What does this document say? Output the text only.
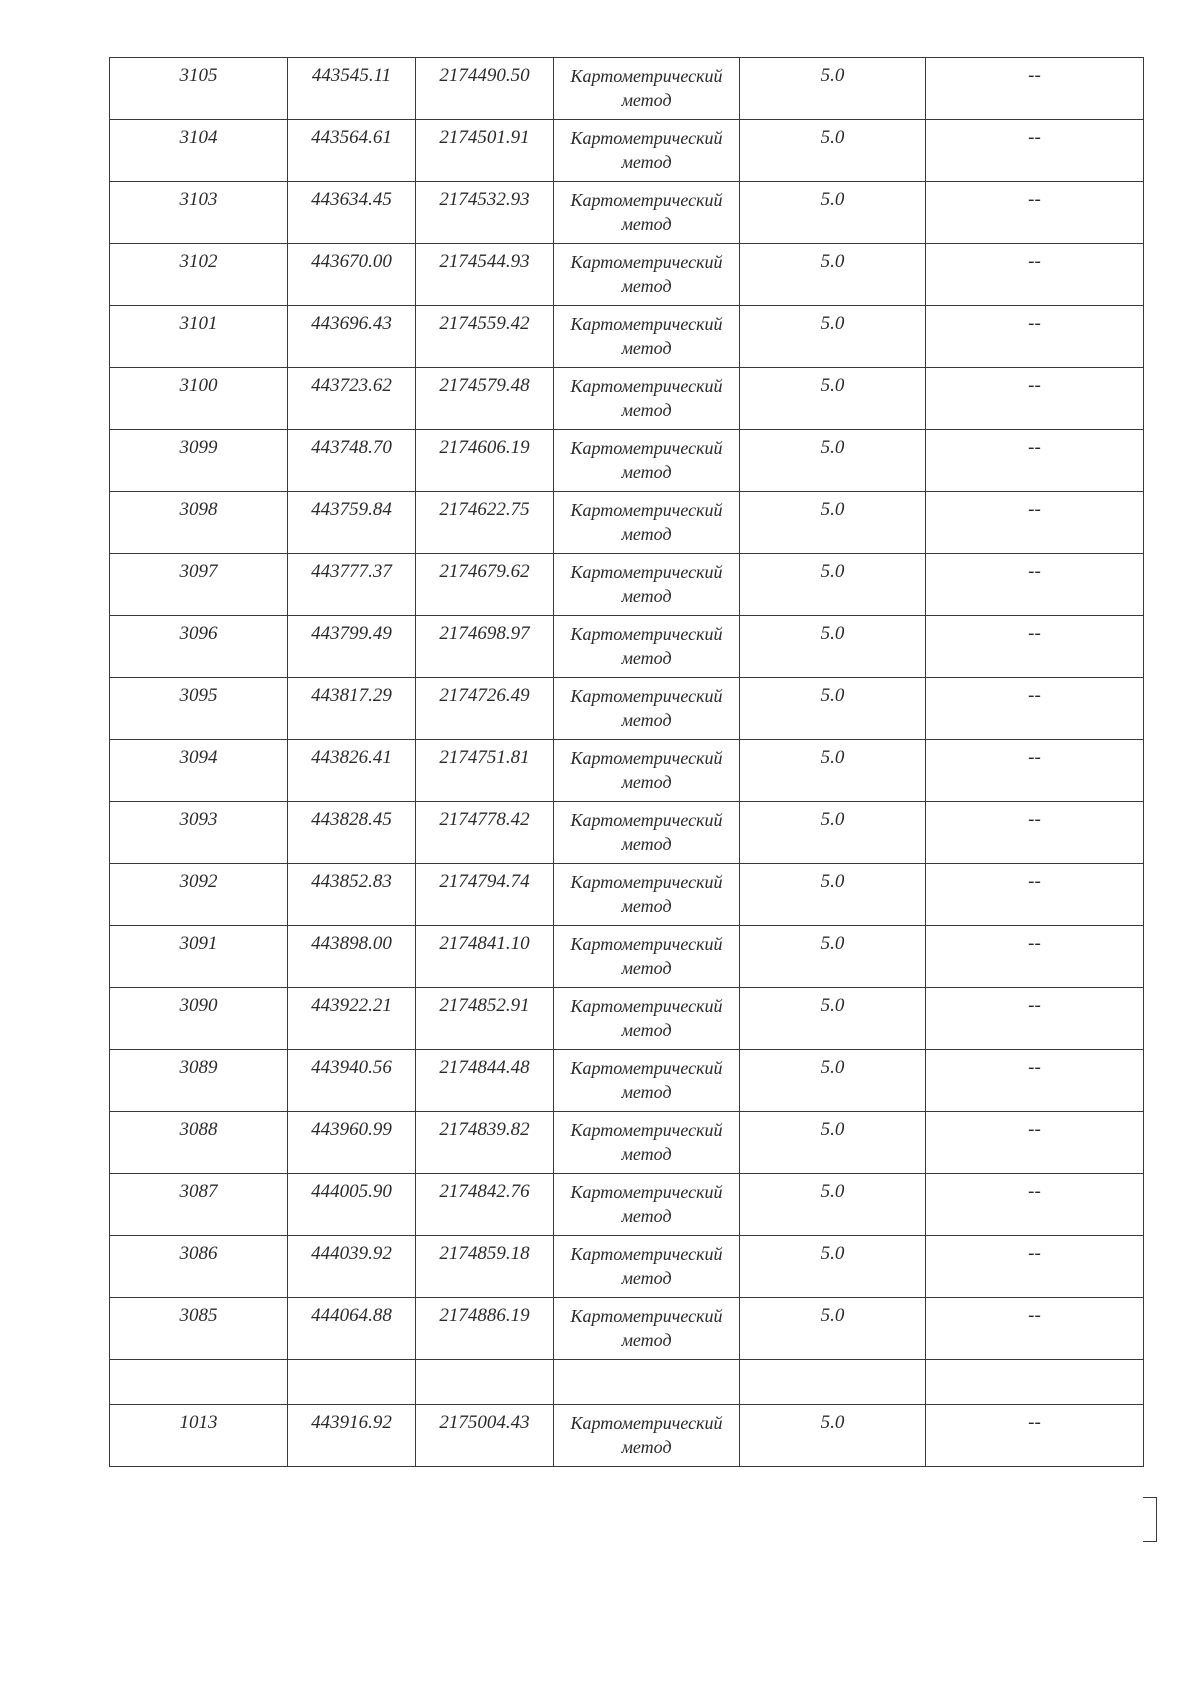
3105	443545.11	2174490.50	Картометрический
метод	5.0	--
3104	443564.61	2174501.91	Картометрический
метод	5.0	--
3103	443634.45	2174532.93	Картометрический
метод	5.0	--
3102	443670.00	2174544.93	Картометрический
метод	5.0	--
3101	443696.43	2174559.42	Картометрический
метод	5.0	--
3100	443723.62	2174579.48	Картометрический
метод	5.0	--
3099	443748.70	2174606.19	Картометрический
метод	5.0	--
3098	443759.84	2174622.75	Картометрический
метод	5.0	--
3097	443777.37	2174679.62	Картометрический
метод	5.0	--
3096	443799.49	2174698.97	Картометрический
метод	5.0	--
3095	443817.29	2174726.49	Картометрический
метод	5.0	--
3094	443826.41	2174751.81	Картометрический
метод	5.0	--
3093	443828.45	2174778.42	Картометрический
метод	5.0	--
3092	443852.83	2174794.74	Картометрический
метод	5.0	--
3091	443898.00	2174841.10	Картометрический
метод	5.0	--
3090	443922.21	2174852.91	Картометрический
метод	5.0	--
3089	443940.56	2174844.48	Картометрический
метод	5.0	--
3088	443960.99	2174839.82	Картометрический
метод	5.0	--
3087	444005.90	2174842.76	Картометрический
метод	5.0	--
3086	444039.92	2174859.18	Картометрический
метод	5.0	--
3085	444064.88	2174886.19	Картометрический
метод	5.0	--

1013	443916.92	2175004.43	Картометрический
метод	5.0	--
